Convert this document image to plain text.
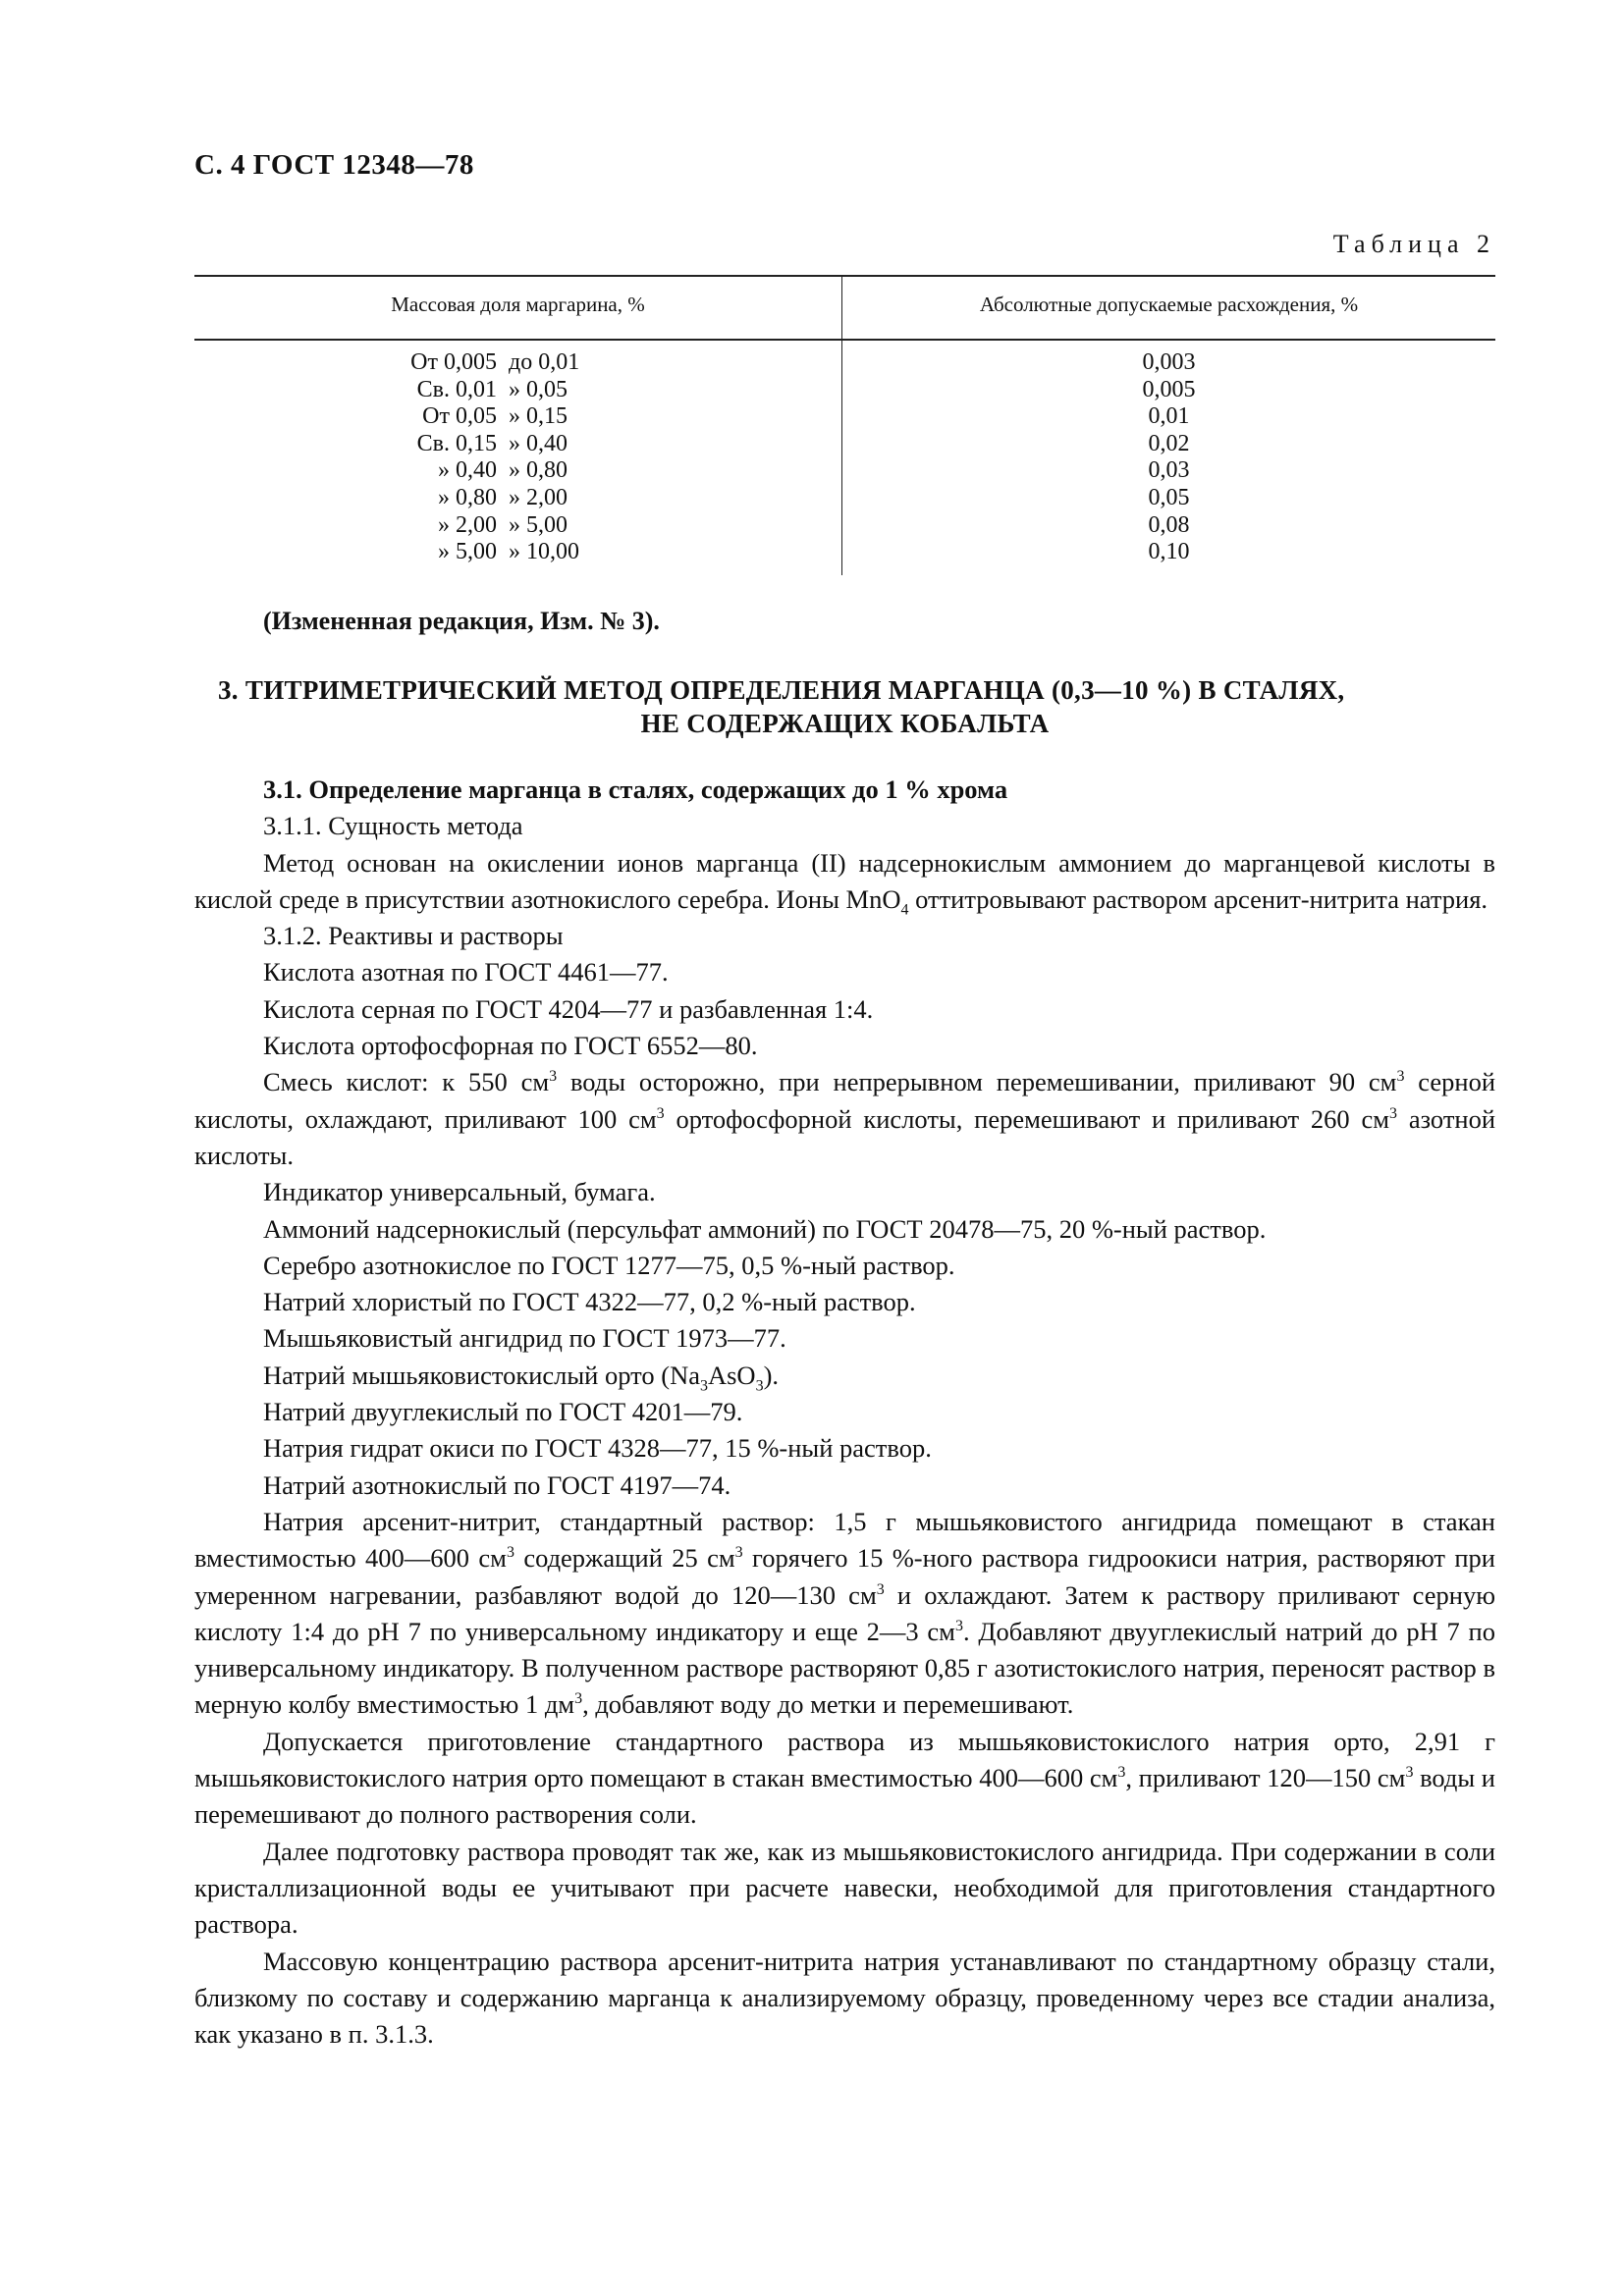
С. 4 ГОСТ 12348—78
Таблица 2
Массовая доля маргарина, %	Абсолютные допускаемые расхождения, %
От 0,005 до 0,01
Св. 0,01 » 0,05
От 0,05 » 0,15
Св. 0,15 » 0,40
» 0,40 » 0,80
» 0,80 » 2,00
» 2,00 » 5,00
» 5,00 » 10,00
0,003
0,005
0,01
0,02
0,03
0,05
0,08
0,10
(Измененная редакция, Изм. № 3).
3. ТИТРИМЕТРИЧЕСКИЙ МЕТОД ОПРЕДЕЛЕНИЯ МАРГАНЦА (0,3—10 %) В СТАЛЯХ,
НЕ СОДЕРЖАЩИХ КОБАЛЬТА

3.1. Определение марганца в сталях, содержащих до 1 % хрома

3.1.1. Сущность метода

Метод основан на окислении ионов марганца (II) надсернокислым аммонием до марганцевой кислоты в кислой среде в присутствии азотнокислого серебра. Ионы MnO$_4$ оттитровывают раствором арсенит-нитрита натрия.

3.1.2. Реактивы и растворы

Кислота азотная по ГОСТ 4461—77.

Кислота серная по ГОСТ 4204—77 и разбавленная 1:4.

Кислота ортофосфорная по ГОСТ 6552—80.

Смесь кислот: к 550 $см^3$ воды осторожно, при непрерывном перемешивании, приливают 90 $см^3$ серной кислоты, охлаждают, приливают 100 $см^3$ ортофосфорной кислоты, перемешивают и приливают 260 $см^3$ азотной кислоты.

Индикатор универсальный, бумага.

Аммоний надсернокислый (персульфат аммоний) по ГОСТ 20478—75, 20 %-ный раствор.

Серебро азотнокислое по ГОСТ 1277—75, 0,5 %-ный раствор.

Натрий хлористый по ГОСТ 4322—77, 0,2 %-ный раствор.

Мышьяковистый ангидрид по ГОСТ 1973—77.

Натрий мышьяковистокислый орто $(Na_3AsO_3)$.

Натрий двууглекислый по ГОСТ 4201—79.

Натрия гидрат окиси по ГОСТ 4328—77, 15 %-ный раствор.

Натрий азотнокислый по ГОСТ 4197—74.

Натрия арсенит-нитрит, стандартный раствор: 1,5 г мышьяковистого ангидрида помещают в стакан вместимостью 400—600 $см^3$ содержащий 25 $см^3$ горячего 15 %-ного раствора гидроокиси натрия, растворяют при умеренном нагревании, разбавляют водой до 120—130 $см^3$ и охлаждают. Затем к раствору приливают серную кислоту 1:4 до pH 7 по универсальному индикатору и еще 2—3 $см^3$. Добавляют двууглекислый натрий до pH 7 по универсальному индикатору. В полученном растворе растворяют 0,85 г азотистокислого натрия, переносят раствор в мерную колбу вместимостью 1 $дм^3$, добавляют воду до метки и перемешивают.

Допускается приготовление стандартного раствора из мышьяковистокислого натрия орто, 2,91 г мышьяковистокислого натрия орто помещают в стакан вместимостью 400—600 $см^3$, приливают 120—150 $см^3$ воды и перемешивают до полного растворения соли.

Далее подготовку раствора проводят так же, как из мышьяковистокислого ангидрида. При содержании в соли кристаллизационной воды ее учитывают при расчете навески, необходимой для приготовления стандартного раствора.

Массовую концентрацию раствора арсенит-нитрита натрия устанавливают по стандартному образцу стали, близкому по составу и содержанию марганца к анализируемому образцу, проведенному через все стадии анализа, как указано в п. 3.1.3.
